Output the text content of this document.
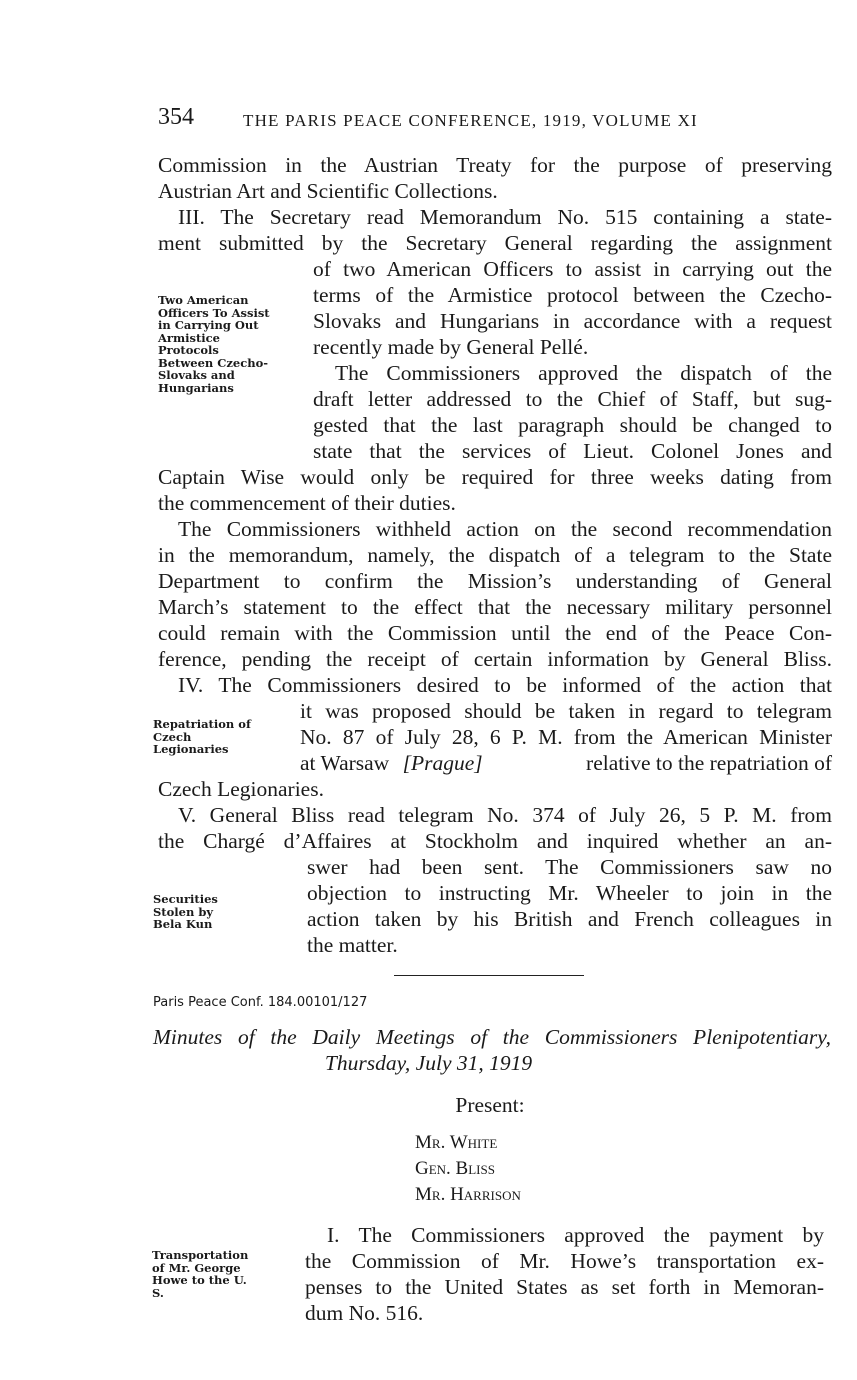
354	THE PARIS PEACE CONFERENCE, 1919, VOLUME XI

Commission in the Austrian Treaty for the purpose of preserving

Austrian Art and Scientific Collections.

III. The Secretary read Memorandum No. 515 containing a state-

ment submitted by the Secretary General regarding the assignment

of two American Officers to assist in carrying out the

terms of the Armistice protocol between the Czecho-

Slovaks and Hungarians in accordance with a request

recently made by General Pellé.

The Commissioners approved the dispatch of the

draft letter addressed to the Chief of Staff, but sug-

gested that the last paragraph should be changed to

state that the services of Lieut. Colonel Jones and

Captain Wise would only be required for three weeks dating from

the commencement of their duties.

The Commissioners withheld action on the second recommendation

in the memorandum, namely, the dispatch of a telegram to the State

Department to confirm the Mission’s understanding of General

March’s statement to the effect that the necessary military personnel

could remain with the Commission until the end of the Peace Con-

ference, pending the receipt of certain information by General Bliss.

IV. The Commissioners desired to be informed of the action that

it was proposed should be taken in regard to telegram

No. 87 of July 28, 6 P. M. from the American Minister

at Warsaw [Prague]	relative to the repatriation of

Czech Legionaries.

V. General Bliss read telegram No. 374 of July 26, 5 P. M. from

the Chargé d’Affaires at Stockholm and inquired whether an an-

swer had been sent. The Commissioners saw no

objection to instructing Mr. Wheeler to join in the

action taken by his British and French colleagues in

the matter.

Two American Officers To Assist in Carrying Out Armistice Protocols Between Czecho-Slovaks and Hungarians
Repatriation of Czech Legionaries
Securities Stolen by Bela Kun
Transportation of Mr. George Howe to the U. S.
Paris Peace Conf. 184.00101/127
Minutes of the Daily Meetings of the Commissioners Plenipotentiary,
Thursday, July 31, 1919
Present:
Mr. White
Gen. Bliss
Mr. Harrison

I. The Commissioners approved the payment by

the Commission of Mr. Howe’s transportation ex-

penses to the United States as set forth in Memoran-

dum No. 516.
